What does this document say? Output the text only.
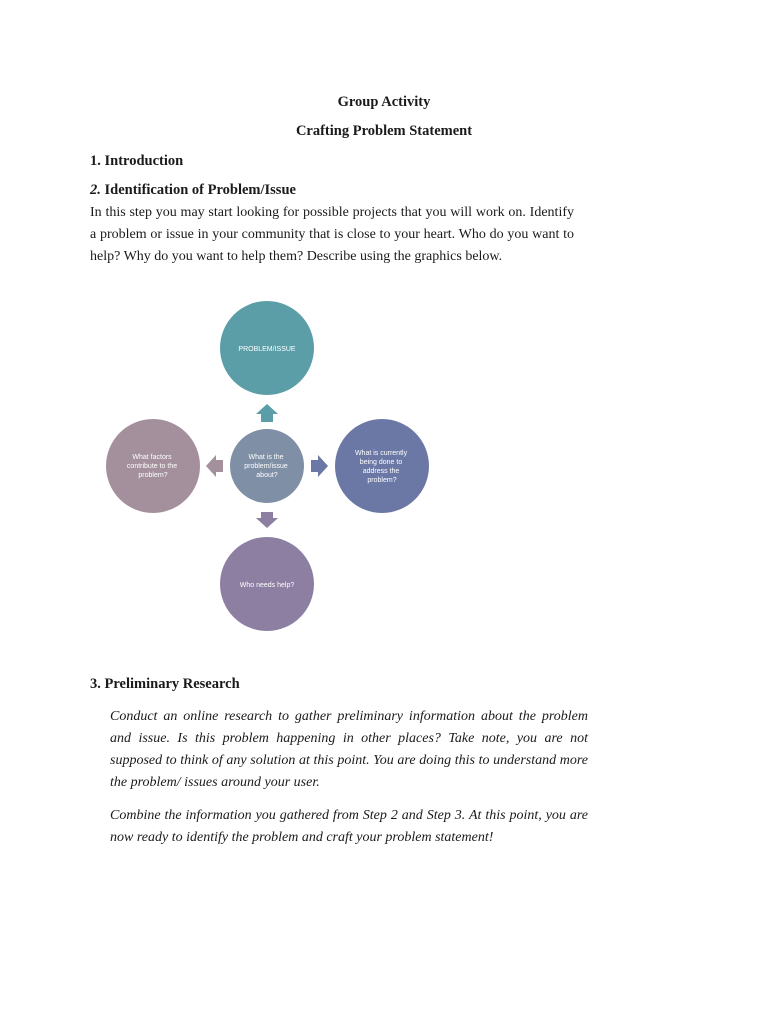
Group Activity

Crafting Problem Statement

1. Introduction

2. Identification of Problem/Issue

In this step you may start looking for possible projects that you will work on. Identify a problem or issue in your community that is close to your heart. Who do you want to help? Why do you want to help them? Describe using the graphics below.

PROBLEM/ISSUE
What factors contribute to the problem?
What is the problem/issue about?
What is currently being done to address the problem?
Who needs help?

3. Preliminary Research

Conduct an online research to gather preliminary information about the problem and issue. Is this problem happening in other places? Take note, you are not supposed to think of any solution at this point. You are doing this to understand more the problem/ issues around your user.

Combine the information you gathered from Step 2 and Step 3. At this point, you are now ready to identify the problem and craft your problem statement!
